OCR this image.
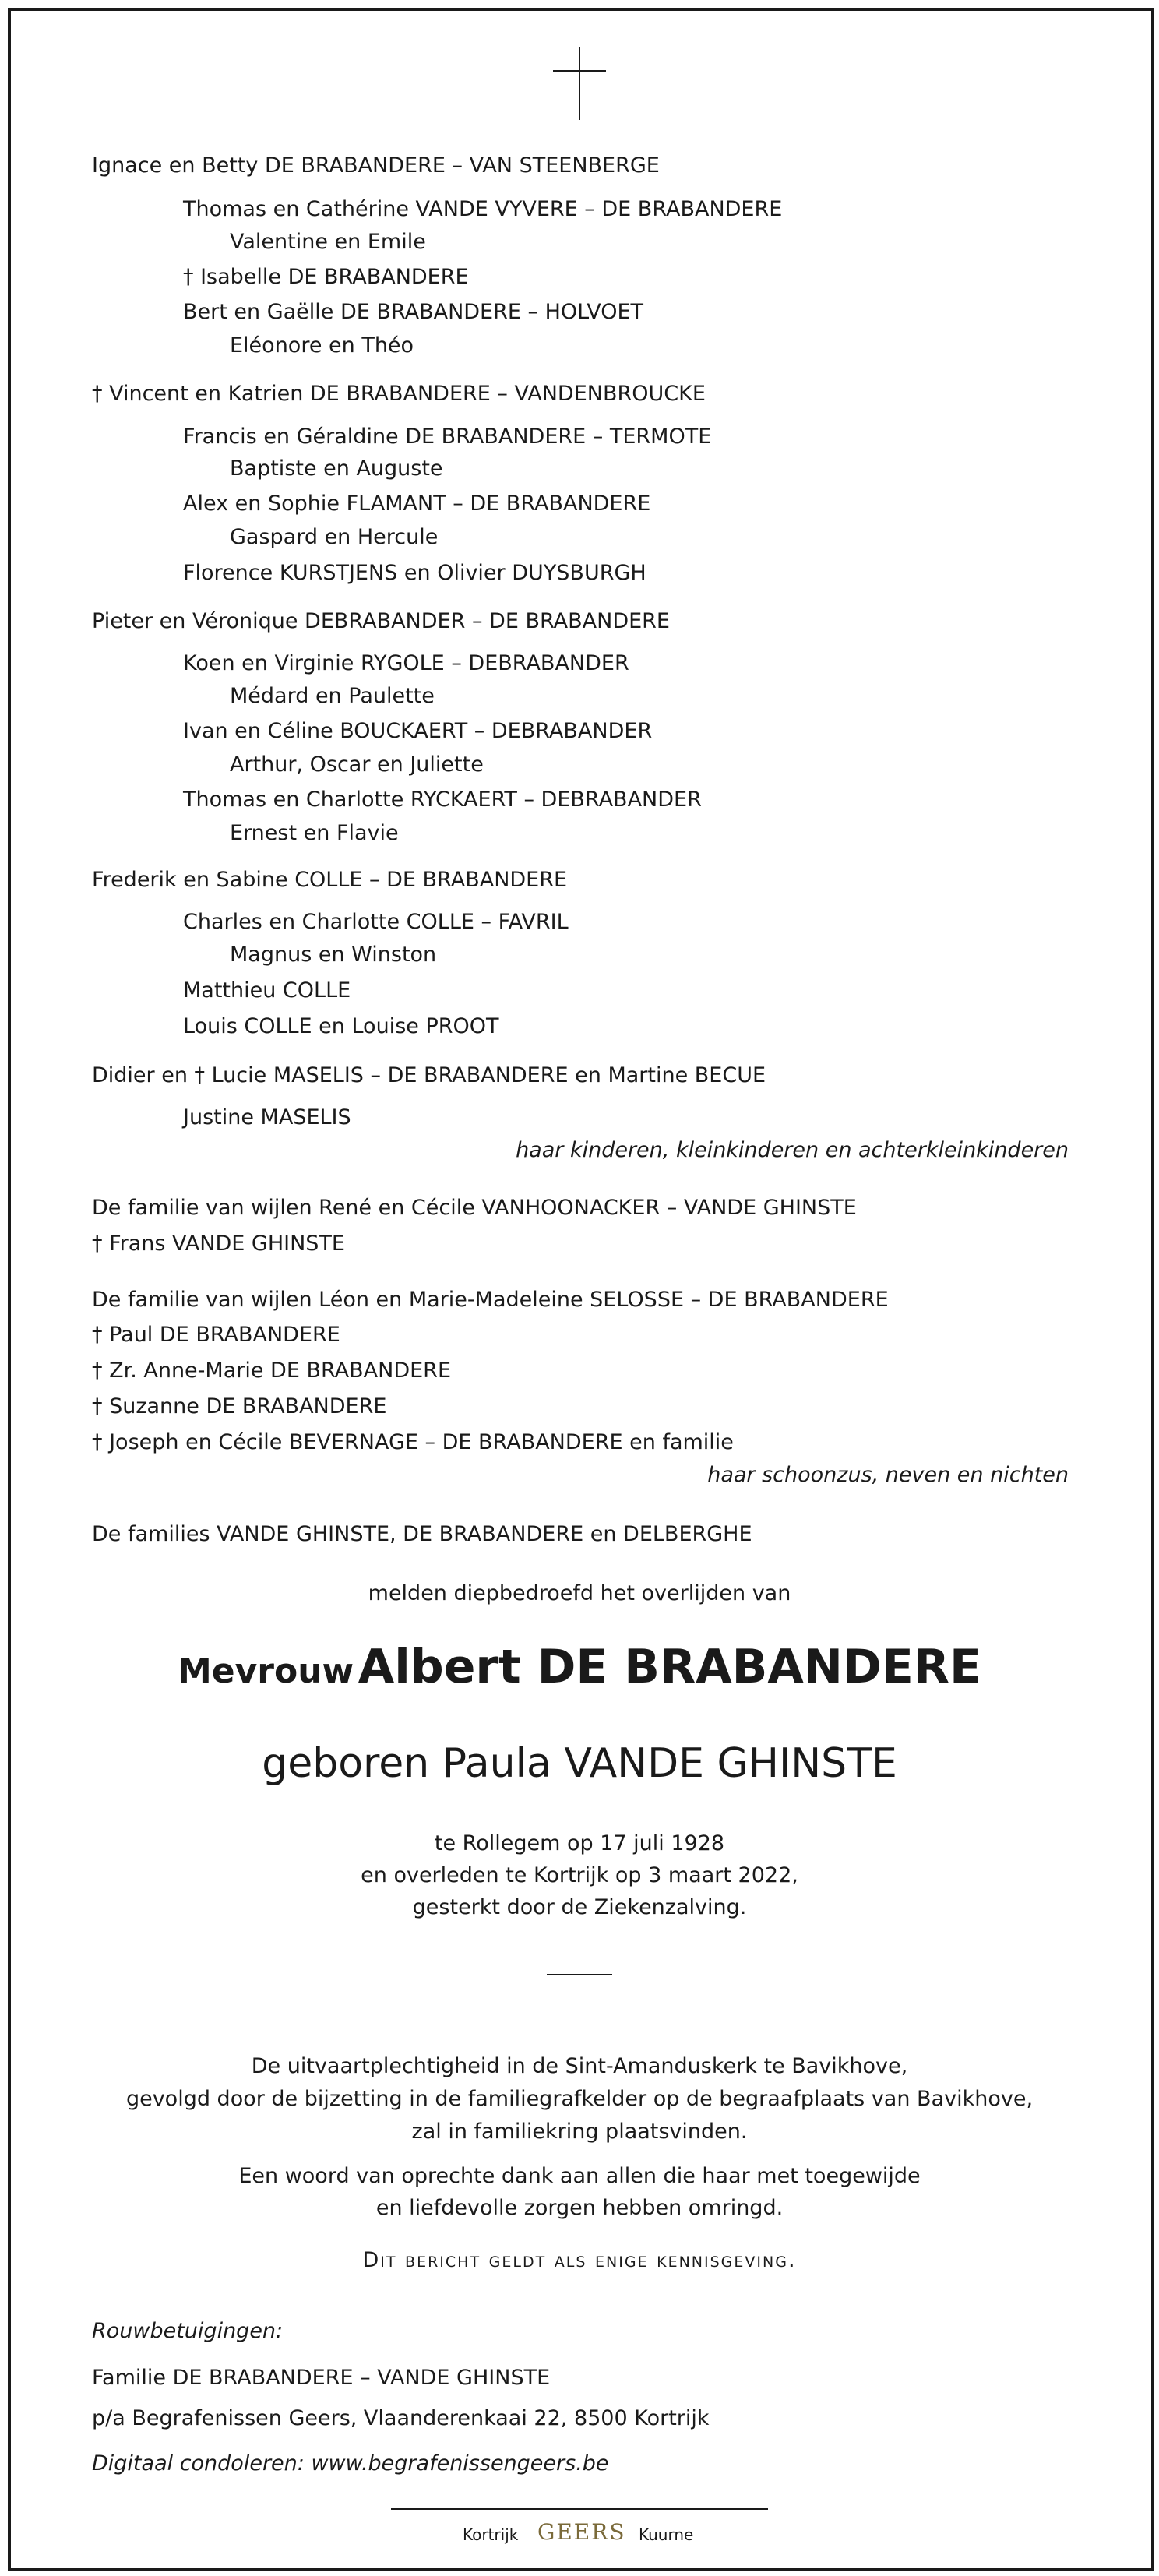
Ignace en Betty DE BRABANDERE – VAN STEENBERGE
Thomas en Cathérine VANDE VYVERE – DE BRABANDERE
Valentine en Emile
† Isabelle DE BRABANDERE
Bert en Gaëlle DE BRABANDERE – HOLVOET
Eléonore en Théo
† Vincent en Katrien DE BRABANDERE – VANDENBROUCKE
Francis en Géraldine DE BRABANDERE – TERMOTE
Baptiste en Auguste
Alex en Sophie FLAMANT – DE BRABANDERE
Gaspard en Hercule
Florence KURSTJENS en Olivier DUYSBURGH
Pieter en Véronique DEBRABANDER – DE BRABANDERE
Koen en Virginie RYGOLE – DEBRABANDER
Médard en Paulette
Ivan en Céline BOUCKAERT – DEBRABANDER
Arthur, Oscar en Juliette
Thomas en Charlotte RYCKAERT – DEBRABANDER
Ernest en Flavie
Frederik en Sabine COLLE – DE BRABANDERE
Charles en Charlotte COLLE – FAVRIL
Magnus en Winston
Matthieu COLLE
Louis COLLE en Louise PROOT
Didier en † Lucie MASELIS – DE BRABANDERE en Martine BECUE
Justine MASELIS
haar kinderen, kleinkinderen en achterkleinkinderen
De familie van wijlen René en Cécile VANHOONACKER – VANDE GHINSTE
† Frans VANDE GHINSTE
De familie van wijlen Léon en Marie-Madeleine SELOSSE – DE BRABANDERE
† Paul DE BRABANDERE
† Zr. Anne-Marie DE BRABANDERE
† Suzanne DE BRABANDERE
† Joseph en Cécile BEVERNAGE – DE BRABANDERE en familie
haar schoonzus, neven en nichten
De families VANDE GHINSTE, DE BRABANDERE en DELBERGHE
melden diepbedroefd het overlijden van
Mevrouw Albert DE BRABANDERE
geboren Paula VANDE GHINSTE
te Rollegem op 17 juli 1928
en overleden te Kortrijk op 3 maart 2022,
gesterkt door de Ziekenzalving.
De uitvaartplechtigheid in de Sint-Amanduskerk te Bavikhove,
gevolgd door de bijzetting in de familiegrafkelder op de begraafplaats van Bavikhove,
zal in familiekring plaatsvinden.
Een woord van oprechte dank aan allen die haar met toegewijde
en liefdevolle zorgen hebben omringd.
Dit bericht geldt als enige kennisgeving.
Rouwbetuigingen:
Familie DE BRABANDERE – VANDE GHINSTE
p/a Begrafenissen Geers, Vlaanderenkaai 22, 8500 Kortrijk
Digitaal condoleren: www.begrafenissengeers.be
Kortrijk GEERS Kuurne
